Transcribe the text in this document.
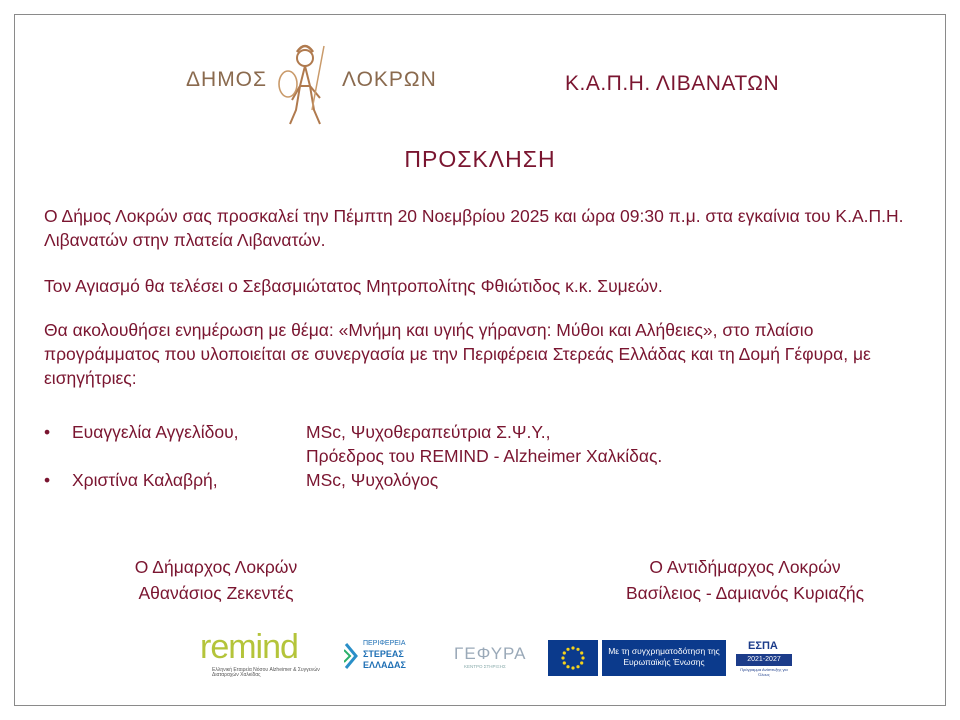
ΔΗΜΟΣ	ΛΟΚΡΩΝ	Κ.Α.Π.Η. ΛΙΒΑΝΑΤΩΝ
ΠΡΟΣΚΛΗΣΗ
Ο Δήμος Λοκρών σας προσκαλεί την Πέμπτη 20 Νοεμβρίου 2025 και ώρα 09:30 π.μ. στα εγκαίνια του Κ.Α.Π.Η. Λιβανατών στην πλατεία Λιβανατών.
Τον Αγιασμό θα τελέσει ο Σεβασμιώτατος Μητροπολίτης Φθιώτιδος κ.κ. Συμεών.
Θα ακολουθήσει ενημέρωση με θέμα: «Μνήμη και υγιής γήρανση: Μύθοι και Αλήθειες», στο πλαίσιο προγράμματος που υλοποιείται σε συνεργασία με την Περιφέρεια Στερεάς Ελλάδας και τη Δομή Γέφυρα, με εισηγήτριες:
• Ευαγγελία Αγγελίδου,	MSc, Ψυχοθεραπεύτρια Σ.Ψ.Υ.,
Πρόεδρος του REMIND - Alzheimer Χαλκίδας.
• Χριστίνα Καλαβρή,	MSc, Ψυχολόγος
Ο Δήμαρχος Λοκρών
Αθανάσιος Ζεκεντές
Ο Αντιδήμαρχος Λοκρών
Βασίλειος - Δαμιανός Κυριαζής
remind
Ελληνική Εταιρεία Νόσου Alzheimer & Συγγενών Διαταραχών Χαλκίδας
ΠΕΡΙΦΕΡΕΙΑ
ΣΤΕΡΕΑΣ
ΕΛΛΑΔΑΣ
ΓΕΦΥΡΑ
ΚΕΝΤΡΟ ΣΤΗΡΙΞΗΣ
Με τη συγχρηματοδότηση της Ευρωπαϊκής Ένωσης
ΕΣΠΑ
2021-2027
Πρόγραμμα Ανάπτυξης για Όλους
